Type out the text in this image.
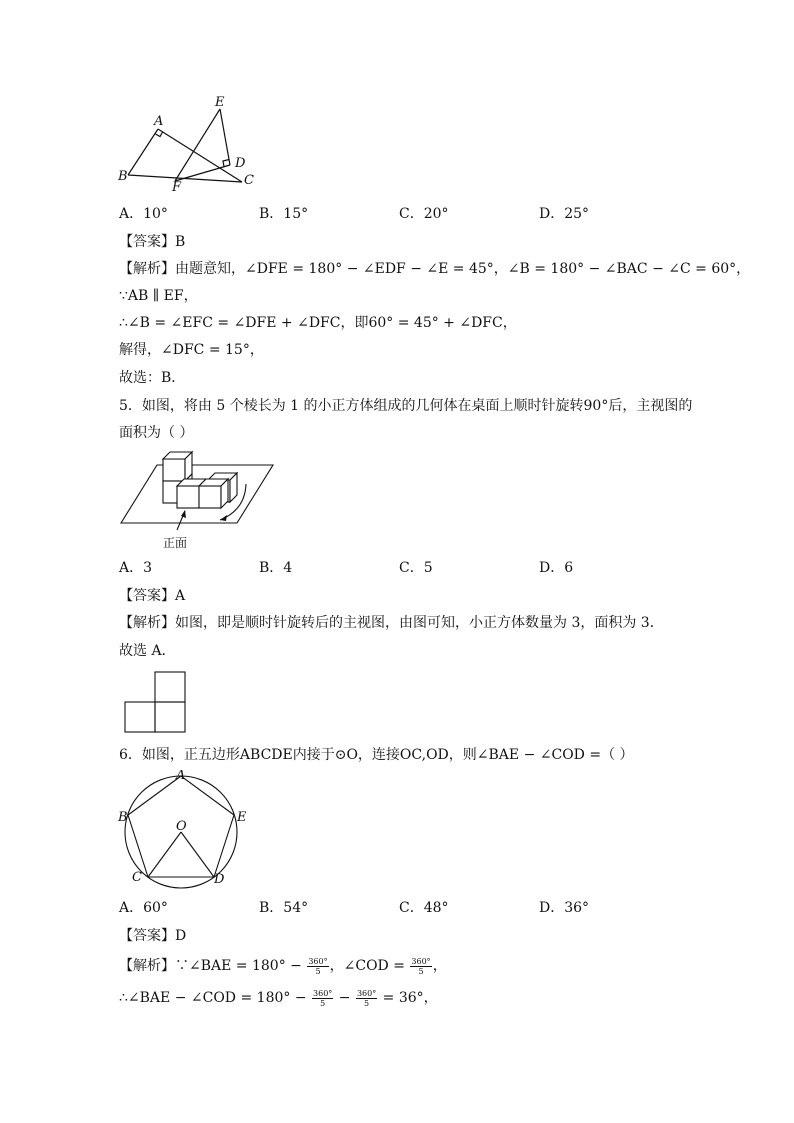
A
B	C
D
E
F
A．10°	B．15°	C．20°	D．25°
【答案】B
【解析】由题意知，∠DFE = 180° − ∠EDF − ∠E = 45°，∠B = 180° − ∠BAC − ∠C = 60°，
∵AB ∥ EF，
∴∠B = ∠EFC = ∠DFE + ∠DFC，即60° = 45° + ∠DFC，
解得，∠DFC = 15°，
故选：B．
5．如图，将由 5 个棱长为 1 的小正方体组成的几何体在桌面上顺时针旋转90°后，主视图的
面积为（ ）
正面
A．3	B．4	C．5	D．6
【答案】A
【解析】如图，即是顺时针旋转后的主视图，由图可知，小正方体数量为 3，面积为 3．
故选 A．
6．如图，正五边形ABCDE内接于⊙O，连接OC,OD，则∠BAE − ∠COD =（ ）
A
B
C	D
E
O
A．60°	B．54°	C．48°	D．36°
【答案】D
【解析】∵∠BAE = $180^\circ - \frac{360^\circ}{5}$ ，∠COD = $\frac{360^\circ}{5}$ ，
∴∠BAE − ∠COD = $180^\circ - \frac{360^\circ}{5} - \frac{360^\circ}{5} = 36^\circ$，
